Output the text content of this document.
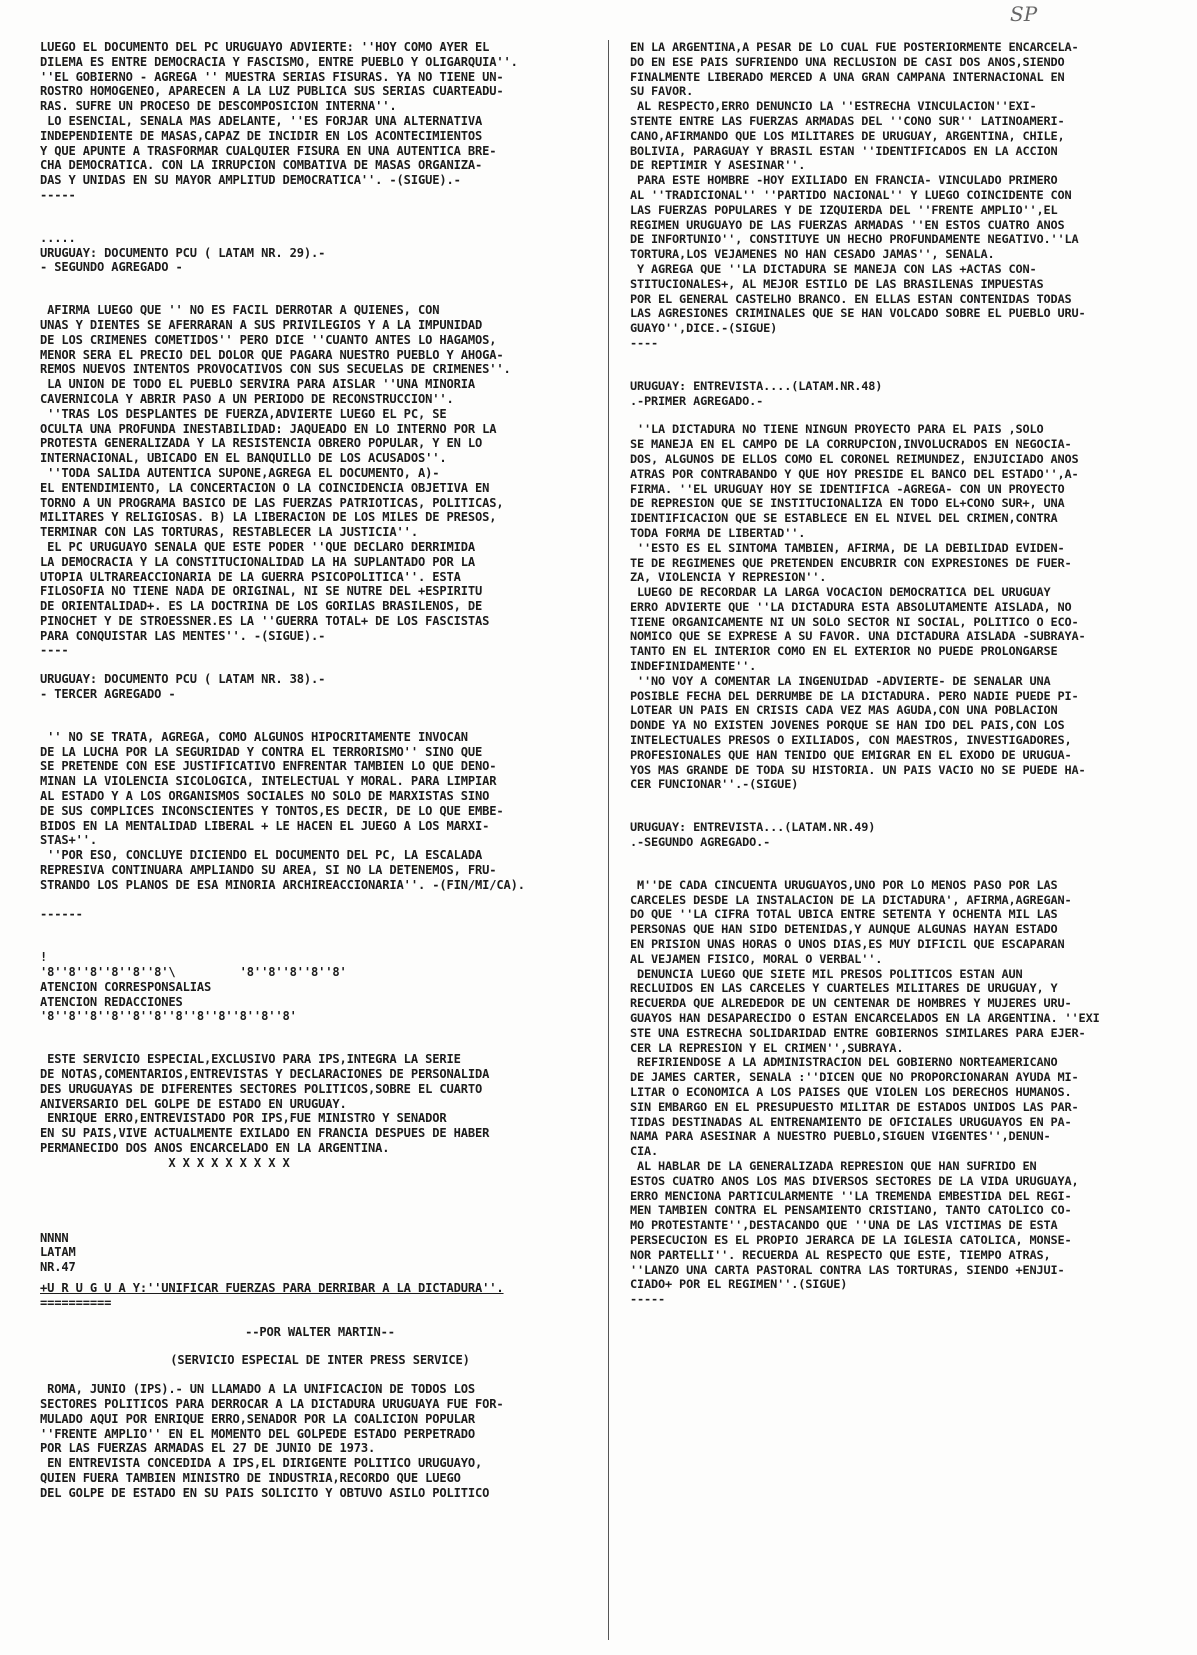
SP
LUEGO EL DOCUMENTO DEL PC URUGUAYO ADVIERTE: ''HOY COMO AYER EL
DILEMA ES ENTRE DEMOCRACIA Y FASCISMO, ENTRE PUEBLO Y OLIGARQUIA''.
''EL GOBIERNO - AGREGA '' MUESTRA SERIAS FISURAS. YA NO TIENE UN-
ROSTRO HOMOGENEO, APARECEN A LA LUZ PUBLICA SUS SERIAS CUARTEADU-
RAS. SUFRE UN PROCESO DE DESCOMPOSICION INTERNA''.
LO ESENCIAL, SENALA MAS ADELANTE, ''ES FORJAR UNA ALTERNATIVA
INDEPENDIENTE DE MASAS,CAPAZ DE INCIDIR EN LOS ACONTECIMIENTOS
Y QUE APUNTE A TRASFORMAR CUALQUIER FISURA EN UNA AUTENTICA BRE-
CHA DEMOCRATICA. CON LA IRRUPCION COMBATIVA DE MASAS ORGANIZA-
DAS Y UNIDAS EN SU MAYOR AMPLITUD DEMOCRATICA''. -(SIGUE).-
-----
.....
URUGUAY: DOCUMENTO PCU ( LATAM NR. 29).-
- SEGUNDO AGREGADO -
AFIRMA LUEGO QUE '' NO ES FACIL DERROTAR A QUIENES, CON
UNAS Y DIENTES SE AFERRARAN A SUS PRIVILEGIOS Y A LA IMPUNIDAD
DE LOS CRIMENES COMETIDOS'' PERO DICE ''CUANTO ANTES LO HAGAMOS,
MENOR SERA EL PRECIO DEL DOLOR QUE PAGARA NUESTRO PUEBLO Y AHOGA-
REMOS NUEVOS INTENTOS PROVOCATIVOS CON SUS SECUELAS DE CRIMENES''.
LA UNION DE TODO EL PUEBLO SERVIRA PARA AISLAR ''UNA MINORIA
CAVERNICOLA Y ABRIR PASO A UN PERIODO DE RECONSTRUCCION''.
''TRAS LOS DESPLANTES DE FUERZA,ADVIERTE LUEGO EL PC, SE
OCULTA UNA PROFUNDA INESTABILIDAD: JAQUEADO EN LO INTERNO POR LA
PROTESTA GENERALIZADA Y LA RESISTENCIA OBRERO POPULAR, Y EN LO
INTERNACIONAL, UBICADO EN EL BANQUILLO DE LOS ACUSADOS''.
''TODA SALIDA AUTENTICA SUPONE,AGREGA EL DOCUMENTO, A)-
EL ENTENDIMIENTO, LA CONCERTACION O LA COINCIDENCIA OBJETIVA EN
TORNO A UN PROGRAMA BASICO DE LAS FUERZAS PATRIOTICAS, POLITICAS,
MILITARES Y RELIGIOSAS. B) LA LIBERACION DE LOS MILES DE PRESOS,
TERMINAR CON LAS TORTURAS, RESTABLECER LA JUSTICIA''.
EL PC URUGUAYO SENALA QUE ESTE PODER ''QUE DECLARO DERRIMIDA
LA DEMOCRACIA Y LA CONSTITUCIONALIDAD LA HA SUPLANTADO POR LA
UTOPIA ULTRAREACCIONARIA DE LA GUERRA PSICOPOLITICA''. ESTA
FILOSOFIA NO TIENE NADA DE ORIGINAL, NI SE NUTRE DEL +ESPIRITU
DE ORIENTALIDAD+. ES LA DOCTRINA DE LOS GORILAS BRASILENOS, DE
PINOCHET Y DE STROESSNER.ES LA ''GUERRA TOTAL+ DE LOS FASCISTAS
PARA CONQUISTAR LAS MENTES''. -(SIGUE).-
----
URUGUAY: DOCUMENTO PCU ( LATAM NR. 38).-
- TERCER AGREGADO -
'' NO SE TRATA, AGREGA, COMO ALGUNOS HIPOCRITAMENTE INVOCAN
DE LA LUCHA POR LA SEGURIDAD Y CONTRA EL TERRORISMO'' SINO QUE
SE PRETENDE CON ESE JUSTIFICATIVO ENFRENTAR TAMBIEN LO QUE DENO-
MINAN LA VIOLENCIA SICOLOGICA, INTELECTUAL Y MORAL. PARA LIMPIAR
AL ESTADO Y A LOS ORGANISMOS SOCIALES NO SOLO DE MARXISTAS SINO
DE SUS COMPLICES INCONSCIENTES Y TONTOS,ES DECIR, DE LO QUE EMBE-
BIDOS EN LA MENTALIDAD LIBERAL + LE HACEN EL JUEGO A LOS MARXI-
STAS+''.
''POR ESO, CONCLUYE DICIENDO EL DOCUMENTO DEL PC, LA ESCALADA
REPRESIVA CONTINUARA AMPLIANDO SU AREA, SI NO LA DETENEMOS, FRU-
STRANDO LOS PLANOS DE ESA MINORIA ARCHIREACCIONARIA''. -(FIN/MI/CA).

------
!
'8''8''8''8''8''8'\         '8''8''8''8''8'
ATENCION CORRESPONSALIAS
ATENCION REDACCIONES
'8''8''8''8''8''8''8''8''8''8''8''8'
ESTE SERVICIO ESPECIAL,EXCLUSIVO PARA IPS,INTEGRA LA SERIE
DE NOTAS,COMENTARIOS,ENTREVISTAS Y DECLARACIONES DE PERSONALIDA
DES URUGUAYAS DE DIFERENTES SECTORES POLITICOS,SOBRE EL CUARTO
ANIVERSARIO DEL GOLPE DE ESTADO EN URUGUAY.
ENRIQUE ERRO,ENTREVISTADO POR IPS,FUE MINISTRO Y SENADOR
EN SU PAIS,VIVE ACTUALMENTE EXILADO EN FRANCIA DESPUES DE HABER
PERMANECIDO DOS ANOS ENCARCELADO EN LA ARGENTINA.
X X X X X X X X X
NNNN
LATAM
NR.47
+U R U G U A Y:''UNIFICAR FUERZAS PARA DERRIBAR A LA DICTADURA''.
==========
--POR WALTER MARTIN--
(SERVICIO ESPECIAL DE INTER PRESS SERVICE)
ROMA, JUNIO (IPS).- UN LLAMADO A LA UNIFICACION DE TODOS LOS
SECTORES POLITICOS PARA DERROCAR A LA DICTADURA URUGUAYA FUE FOR-
MULADO AQUI POR ENRIQUE ERRO,SENADOR POR LA COALICION POPULAR
''FRENTE AMPLIO'' EN EL MOMENTO DEL GOLPEDE ESTADO PERPETRADO
POR LAS FUERZAS ARMADAS EL 27 DE JUNIO DE 1973.
EN ENTREVISTA CONCEDIDA A IPS,EL DIRIGENTE POLITICO URUGUAYO,
QUIEN FUERA TAMBIEN MINISTRO DE INDUSTRIA,RECORDO QUE LUEGO
DEL GOLPE DE ESTADO EN SU PAIS SOLICITO Y OBTUVO ASILO POLITICO
EN LA ARGENTINA,A PESAR DE LO CUAL FUE POSTERIORMENTE ENCARCELA-
DO EN ESE PAIS SUFRIENDO UNA RECLUSION DE CASI DOS ANOS,SIENDO
FINALMENTE LIBERADO MERCED A UNA GRAN CAMPANA INTERNACIONAL EN
SU FAVOR.
AL RESPECTO,ERRO DENUNCIO LA ''ESTRECHA VINCULACION''EXI-
STENTE ENTRE LAS FUERZAS ARMADAS DEL ''CONO SUR'' LATINOAMERI-
CANO,AFIRMANDO QUE LOS MILITARES DE URUGUAY, ARGENTINA, CHILE,
BOLIVIA, PARAGUAY Y BRASIL ESTAN ''IDENTIFICADOS EN LA ACCION
DE REPTIMIR Y ASESINAR''.
PARA ESTE HOMBRE -HOY EXILIADO EN FRANCIA- VINCULADO PRIMERO
AL ''TRADICIONAL'' ''PARTIDO NACIONAL'' Y LUEGO COINCIDENTE CON
LAS FUERZAS POPULARES Y DE IZQUIERDA DEL ''FRENTE AMPLIO'',EL
REGIMEN URUGUAYO DE LAS FUERZAS ARMADAS ''EN ESTOS CUATRO ANOS
DE INFORTUNIO'', CONSTITUYE UN HECHO PROFUNDAMENTE NEGATIVO.''LA
TORTURA,LOS VEJAMENES NO HAN CESADO JAMAS'', SENALA.
Y AGREGA QUE ''LA DICTADURA SE MANEJA CON LAS +ACTAS CON-
STITUCIONALES+, AL MEJOR ESTILO DE LAS BRASILENAS IMPUESTAS
POR EL GENERAL CASTELHO BRANCO. EN ELLAS ESTAN CONTENIDAS TODAS
LAS AGRESIONES CRIMINALES QUE SE HAN VOLCADO SOBRE EL PUEBLO URU-
GUAYO'',DICE.-(SIGUE)
----
URUGUAY: ENTREVISTA....(LATAM.NR.48)
.-PRIMER AGREGADO.-
''LA DICTADURA NO TIENE NINGUN PROYECTO PARA EL PAIS ,SOLO
SE MANEJA EN EL CAMPO DE LA CORRUPCION,INVOLUCRADOS EN NEGOCIA-
DOS, ALGUNOS DE ELLOS COMO EL CORONEL REIMUNDEZ, ENJUICIADO ANOS
ATRAS POR CONTRABANDO Y QUE HOY PRESIDE EL BANCO DEL ESTADO'',A-
FIRMA. ''EL URUGUAY HOY SE IDENTIFICA -AGREGA- CON UN PROYECTO
DE REPRESION QUE SE INSTITUCIONALIZA EN TODO EL+CONO SUR+, UNA
IDENTIFICACION QUE SE ESTABLECE EN EL NIVEL DEL CRIMEN,CONTRA
TODA FORMA DE LIBERTAD''.
''ESTO ES EL SINTOMA TAMBIEN, AFIRMA, DE LA DEBILIDAD EVIDEN-
TE DE REGIMENES QUE PRETENDEN ENCUBRIR CON EXPRESIONES DE FUER-
ZA, VIOLENCIA Y REPRESION''.
LUEGO DE RECORDAR LA LARGA VOCACION DEMOCRATICA DEL URUGUAY
ERRO ADVIERTE QUE ''LA DICTADURA ESTA ABSOLUTAMENTE AISLADA, NO
TIENE ORGANICAMENTE NI UN SOLO SECTOR NI SOCIAL, POLITICO O ECO-
NOMICO QUE SE EXPRESE A SU FAVOR. UNA DICTADURA AISLADA -SUBRAYA-
TANTO EN EL INTERIOR COMO EN EL EXTERIOR NO PUEDE PROLONGARSE
INDEFINIDAMENTE''.
''NO VOY A COMENTAR LA INGENUIDAD -ADVIERTE- DE SENALAR UNA
POSIBLE FECHA DEL DERRUMBE DE LA DICTADURA. PERO NADIE PUEDE PI-
LOTEAR UN PAIS EN CRISIS CADA VEZ MAS AGUDA,CON UNA POBLACION
DONDE YA NO EXISTEN JOVENES PORQUE SE HAN IDO DEL PAIS,CON LOS
INTELECTUALES PRESOS O EXILIADOS, CON MAESTROS, INVESTIGADORES,
PROFESIONALES QUE HAN TENIDO QUE EMIGRAR EN EL EXODO DE URUGUA-
YOS MAS GRANDE DE TODA SU HISTORIA. UN PAIS VACIO NO SE PUEDE HA-
CER FUNCIONAR''.-(SIGUE)
URUGUAY: ENTREVISTA...(LATAM.NR.49)
.-SEGUNDO AGREGADO.-
M''DE CADA CINCUENTA URUGUAYOS,UNO POR LO MENOS PASO POR LAS
CARCELES DESDE LA INSTALACION DE LA DICTADURA', AFIRMA,AGREGAN-
DO QUE ''LA CIFRA TOTAL UBICA ENTRE SETENTA Y OCHENTA MIL LAS
PERSONAS QUE HAN SIDO DETENIDAS,Y AUNQUE ALGUNAS HAYAN ESTADO
EN PRISION UNAS HORAS O UNOS DIAS,ES MUY DIFICIL QUE ESCAPARAN
AL VEJAMEN FISICO, MORAL O VERBAL''.
DENUNCIA LUEGO QUE SIETE MIL PRESOS POLITICOS ESTAN AUN
RECLUIDOS EN LAS CARCELES Y CUARTELES MILITARES DE URUGUAY, Y
RECUERDA QUE ALREDEDOR DE UN CENTENAR DE HOMBRES Y MUJERES URU-
GUAYOS HAN DESAPARECIDO O ESTAN ENCARCELADOS EN LA ARGENTINA. ''EXI
STE UNA ESTRECHA SOLIDARIDAD ENTRE GOBIERNOS SIMILARES PARA EJER-
CER LA REPRESION Y EL CRIMEN'',SUBRAYA.
REFIRIENDOSE A LA ADMINISTRACION DEL GOBIERNO NORTEAMERICANO
DE JAMES CARTER, SENALA :''DICEN QUE NO PROPORCIONARAN AYUDA MI-
LITAR O ECONOMICA A LOS PAISES QUE VIOLEN LOS DERECHOS HUMANOS.
SIN EMBARGO EN EL PRESUPUESTO MILITAR DE ESTADOS UNIDOS LAS PAR-
TIDAS DESTINADAS AL ENTRENAMIENTO DE OFICIALES URUGUAYOS EN PA-
NAMA PARA ASESINAR A NUESTRO PUEBLO,SIGUEN VIGENTES'',DENUN-
CIA.
AL HABLAR DE LA GENERALIZADA REPRESION QUE HAN SUFRIDO EN
ESTOS CUATRO ANOS LOS MAS DIVERSOS SECTORES DE LA VIDA URUGUAYA,
ERRO MENCIONA PARTICULARMENTE ''LA TREMENDA EMBESTIDA DEL REGI-
MEN TAMBIEN CONTRA EL PENSAMIENTO CRISTIANO, TANTO CATOLICO CO-
MO PROTESTANTE'',DESTACANDO QUE ''UNA DE LAS VICTIMAS DE ESTA
PERSECUCION ES EL PROPIO JERARCA DE LA IGLESIA CATOLICA, MONSE-
NOR PARTELLI''. RECUERDA AL RESPECTO QUE ESTE, TIEMPO ATRAS,
''LANZO UNA CARTA PASTORAL CONTRA LAS TORTURAS, SIENDO +ENJUI-
CIADO+ POR EL REGIMEN''.(SIGUE)
-----
